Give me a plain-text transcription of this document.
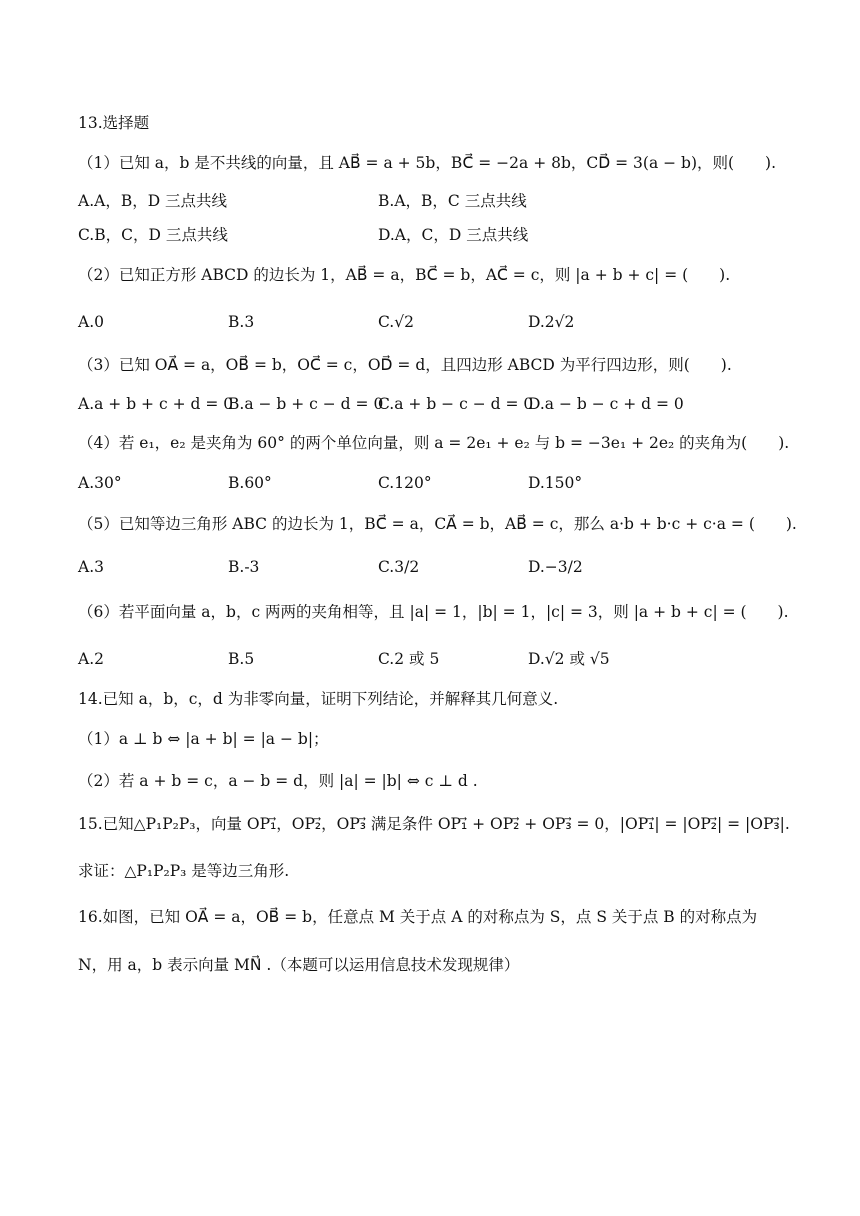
13.选择题
（1）已知 a，b 是不共线的向量，且 AB⃗ = a + 5b，BC⃗ = −2a + 8b，CD⃗ = 3(a − b)，则(　　).
A.A，B，D 三点共线	B.A，B，C 三点共线
C.B，C，D 三点共线	D.A，C，D 三点共线
（2）已知正方形 ABCD 的边长为 1，AB⃗ = a，BC⃗ = b，AC⃗ = c，则 |a + b + c| = (　　).
A.0	B.3	C.√2	D.2√2
（3）已知 OA⃗ = a，OB⃗ = b，OC⃗ = c，OD⃗ = d，且四边形 ABCD 为平行四边形，则(　　).
A.a + b + c + d = 0
B.a − b + c − d = 0
C.a + b − c − d = 0
D.a − b − c + d = 0
（4）若 e₁，e₂ 是夹角为 60° 的两个单位向量，则 a = 2e₁ + e₂ 与 b = −3e₁ + 2e₂ 的夹角为(　　).
A.30°	B.60°	C.120°	D.150°
（5）已知等边三角形 ABC 的边长为 1，BC⃗ = a，CA⃗ = b，AB⃗ = c，那么 a·b + b·c + c·a = (　　).
A.3	B.-3	C.3/2	D.−3/2
（6）若平面向量 a，b，c 两两的夹角相等，且 |a| = 1，|b| = 1，|c| = 3，则 |a + b + c| = (　　).
A.2	B.5	C.2 或 5	D.√2 或 √5
14.已知 a，b，c，d 为非零向量，证明下列结论，并解释其几何意义.
（1）a ⊥ b ⇔ |a + b| = |a − b|；
（2）若 a + b = c，a − b = d，则 |a| = |b| ⇔ c ⊥ d .
15.已知△P₁P₂P₃，向量 OP₁⃗，OP₂⃗，OP₃⃗ 满足条件 OP₁⃗ + OP₂⃗ + OP₃⃗ = 0，|OP₁⃗| = |OP₂⃗| = |OP₃⃗|.
求证：△P₁P₂P₃ 是等边三角形.
16.如图，已知 OA⃗ = a，OB⃗ = b，任意点 M 关于点 A 的对称点为 S，点 S 关于点 B 的对称点为
N，用 a，b 表示向量 MN⃗ .（本题可以运用信息技术发现规律）
